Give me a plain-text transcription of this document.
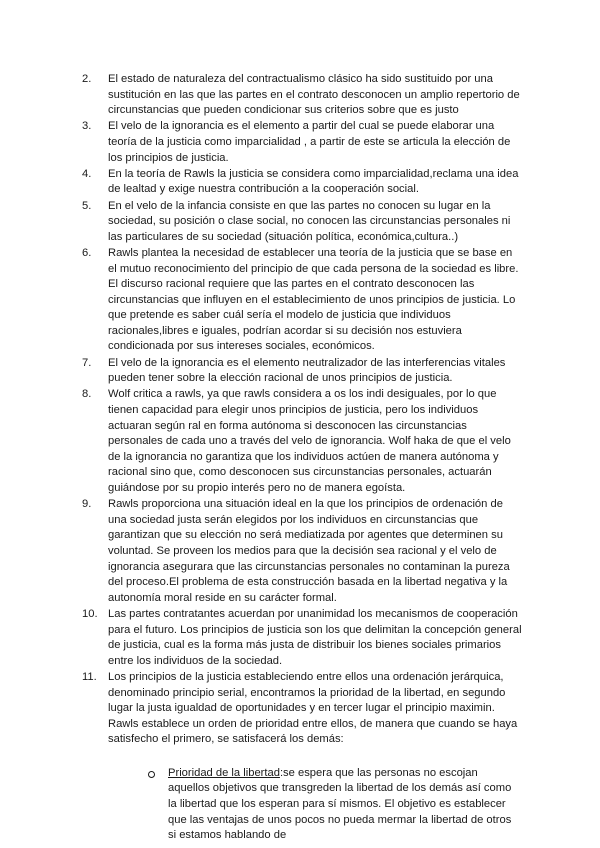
2.	El estado de naturaleza del contractualismo clásico ha sido sustituido por una sustitución en las que las partes en el contrato desconocen un amplio repertorio de circunstancias que pueden condicionar sus criterios sobre que es justo
3.	El velo de la ignorancia es el elemento a partir del cual se puede elaborar una teoría de la justicia como imparcialidad , a partir de este se articula la elección de los principios de justicia.
4.	En la teoría de Rawls la justicia se considera como imparcialidad,reclama una idea de lealtad y exige nuestra contribución a la cooperación social.
5.	En el velo de la infancia consiste en que las partes no conocen su lugar en la sociedad, su posición o clase social, no conocen las circunstancias personales ni las particulares de su sociedad (situación política, económica,cultura..)
6.	Rawls plantea la necesidad de establecer una teoría de la justicia que se base en el mutuo reconocimiento del principio de que cada persona de la sociedad es libre. El discurso racional requiere que las partes en el contrato desconocen las circunstancias que influyen en el establecimiento de unos principios de justicia. Lo que pretende es saber cuál sería el modelo de justicia que individuos racionales,libres e iguales, podrían acordar si su decisión nos estuviera condicionada por sus intereses sociales, económicos.
7.	El velo de la ignorancia es el elemento neutralizador de las interferencias vitales pueden tener sobre la elección racional de unos principios de justicia.
8.	Wolf critica a rawls, ya que rawls considera a os los indi desiguales, por lo que tienen capacidad para elegir unos principios de justicia, pero los individuos actuaran según ral en forma autónoma si desconocen las circunstancias personales de cada uno a través del velo de ignorancia. Wolf haka de que el velo de la ignorancia no garantiza que los individuos actúen de manera autónoma y racional sino que, como desconocen sus circunstancias personales, actuarán guiándose por su propio interés pero no de manera egoísta.
9.	Rawls proporciona una situación ideal en la que los principios de ordenación de una sociedad justa serán elegidos por los individuos en circunstancias que garantizan que su elección no será mediatizada por agentes que determinen su voluntad. Se proveen los medios para que la decisión sea racional y el velo de ignorancia asegurara que las circunstancias personales no contaminan la pureza del proceso.El problema de esta construcción basada en la libertad negativa y la autonomía moral reside en su carácter formal.
10. Las partes contratantes acuerdan por unanimidad los mecanismos de cooperación para el futuro. Los principios de justicia son los que delimitan la concepción general de justicia, cual es la forma más justa de distribuir los bienes sociales primarios entre los individuos de la sociedad.
11.	Los principios de la justicia estableciendo entre ellos una ordenación jerárquica, denominado principio serial, encontramos la prioridad de la libertad, en segundo lugar la justa igualdad de oportunidades y en tercer lugar el principio maximin. Rawls establece un orden de prioridad entre ellos, de manera que cuando se haya satisfecho el primero, se satisfacerá los demás:
Prioridad de la libertad:se espera que las personas no escojan aquellos objetivos que transgreden la libertad de los demás así como la libertad que los esperan para sí mismos. El objetivo es establecer que las ventajas de unos pocos no pueda mermar la libertad de otros si estamos hablando de
